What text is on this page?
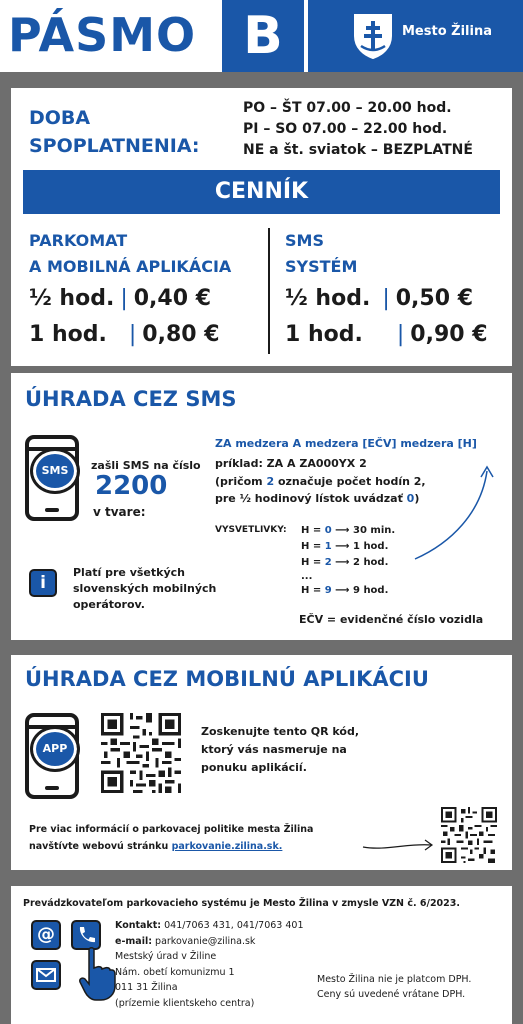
PÁSMO B	Mesto Žilina
DOBA
SPOPLATNENIA:
PO – ŠT 07.00 – 20.00 hod.
PI – SO 07.00 – 22.00 hod.
NE a št. sviatok – BEZPLATNÉ
CENNÍK
PARKOMAT
A MOBILNÁ APLIKÁCIA
½ hod. | 0,40 €
1 hod. | 0,80 €
SMS
SYSTÉM
½ hod. | 0,50 €
1 hod. | 0,90 €
ÚHRADA CEZ SMS
SMS	zašli SMS na číslo
2200
v tvare:
ZA medzera A medzera [EČV] medzera [H]
príklad: ZA A ZA000YX 2
(pričom 2 označuje počet hodín 2,
pre ½ hodinový lístok uvádzať 0)
VYSVETLIVKY: H = 0 ⟶ 30 min.
H = 1 ⟶ 1 hod.
H = 2 ⟶ 2 hod.
...
H = 9 ⟶ 9 hod.
EČV = evidenčné číslo vozidla
i
Platí pre všetkých
slovenských mobilných
operátorov.
ÚHRADA CEZ MOBILNÚ APLIKÁCIU
APP
Zoskenujte tento QR kód,
ktorý vás nasmeruje na
ponuku aplikácií.
Pre viac informácií o parkovacej politike mesta Žilina
navštívte webovú stránku parkovanie.zilina.sk.
Prevádzkovateľom parkovacieho systému je Mesto Žilina v zmysle VZN č. 6/2023.
@	Kontakt: 041/7063 431, 041/7063 401
e-mail: parkovanie@zilina.sk
Mestský úrad v Žiline
Nám. obetí komunizmu 1
011 31 Žilina
(prízemie klientskeho centra)
Mesto Žilina nie je platcom DPH.
Ceny sú uvedené vrátane DPH.
